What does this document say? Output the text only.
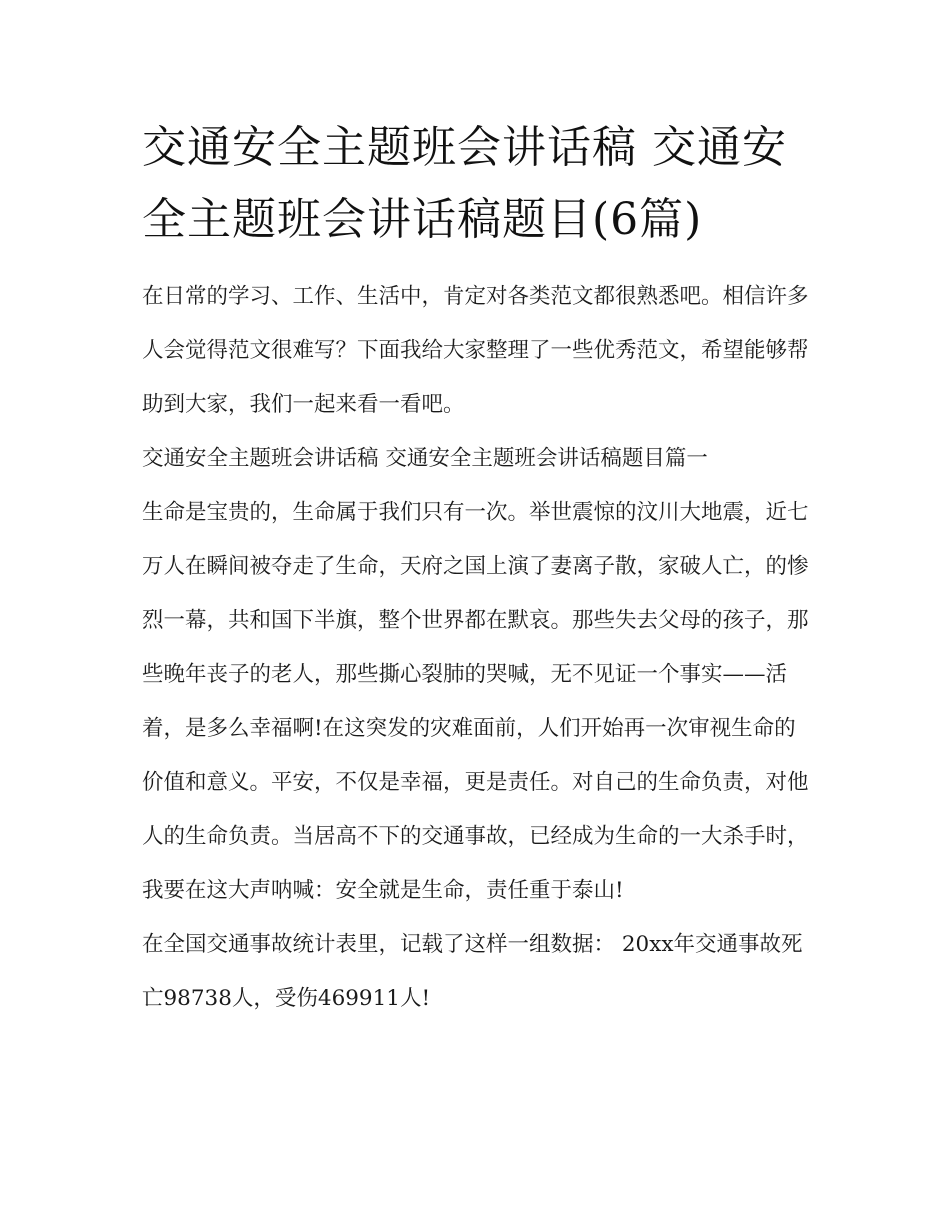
交通安全主题班会讲话稿 交通安全主题班会讲话稿题目(6篇)

在日常的学习、工作、生活中，肯定对各类范文都很熟悉吧。相信许多人会觉得范文很难写？下面我给大家整理了一些优秀范文，希望能够帮助到大家，我们一起来看一看吧。

交通安全主题班会讲话稿 交通安全主题班会讲话稿题目篇一

生命是宝贵的，生命属于我们只有一次。举世震惊的汶川大地震，近七万人在瞬间被夺走了生命，天府之国上演了妻离子散，家破人亡，的惨烈一幕，共和国下半旗，整个世界都在默哀。那些失去父母的孩子，那些晚年丧子的老人，那些撕心裂肺的哭喊，无不见证一个事实——活着，是多么幸福啊!在这突发的灾难面前，人们开始再一次审视生命的价值和意义。平安，不仅是幸福，更是责任。对自己的生命负责，对他人的生命负责。当居高不下的交通事故，已经成为生命的一大杀手时，我要在这大声呐喊：安全就是生命，责任重于泰山!

在全国交通事故统计表里，记载了这样一组数据： 20xx年交通事故死亡98738人，受伤469911人!
